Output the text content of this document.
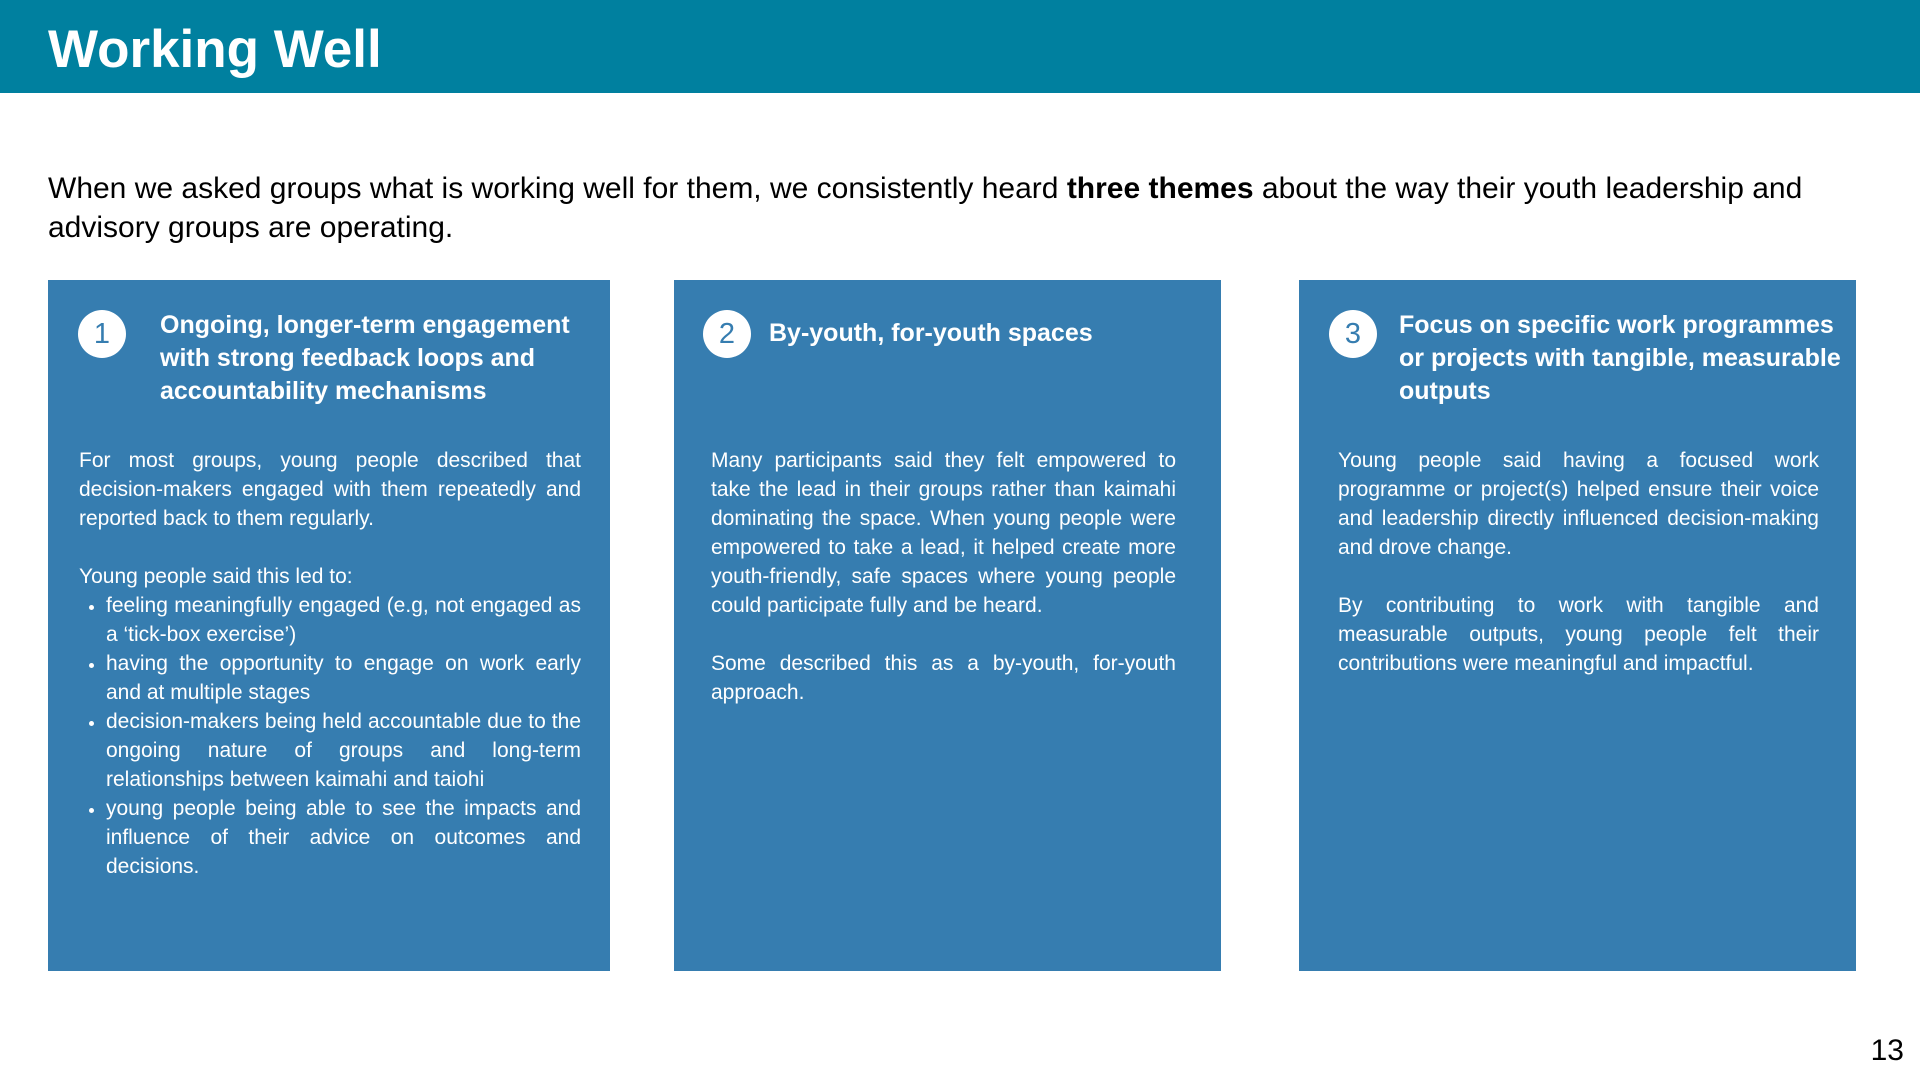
Working Well
When we asked groups what is working well for them, we consistently heard three themes about the way their youth leadership and advisory groups are operating.
1	Ongoing, longer-term engagement with strong feedback loops and accountability mechanisms

For most groups, young people described that decision-makers engaged with them repeatedly and reported back to them regularly.

Young people said this led to:

• feeling meaningfully engaged (e.g, not engaged as a ‘tick-box exercise’)
• having the opportunity to engage on work early and at multiple stages
• decision-makers being held accountable due to the ongoing nature of groups and long-term relationships between kaimahi and taiohi
• young people being able to see the impacts and influence of their advice on outcomes and decisions.
2	By-youth, for-youth spaces

Many participants said they felt empowered to take the lead in their groups rather than kaimahi dominating the space. When young people were empowered to take a lead, it helped create more youth-friendly, safe spaces where young people could participate fully and be heard.

Some described this as a by-youth, for-youth approach.

3	Focus on specific work programmes or projects with tangible, measurable outputs

Young people said having a focused work programme or project(s) helped ensure their voice and leadership directly influenced decision-making and drove change.

By contributing to work with tangible and measurable outputs, young people felt their contributions were meaningful and impactful.

13
